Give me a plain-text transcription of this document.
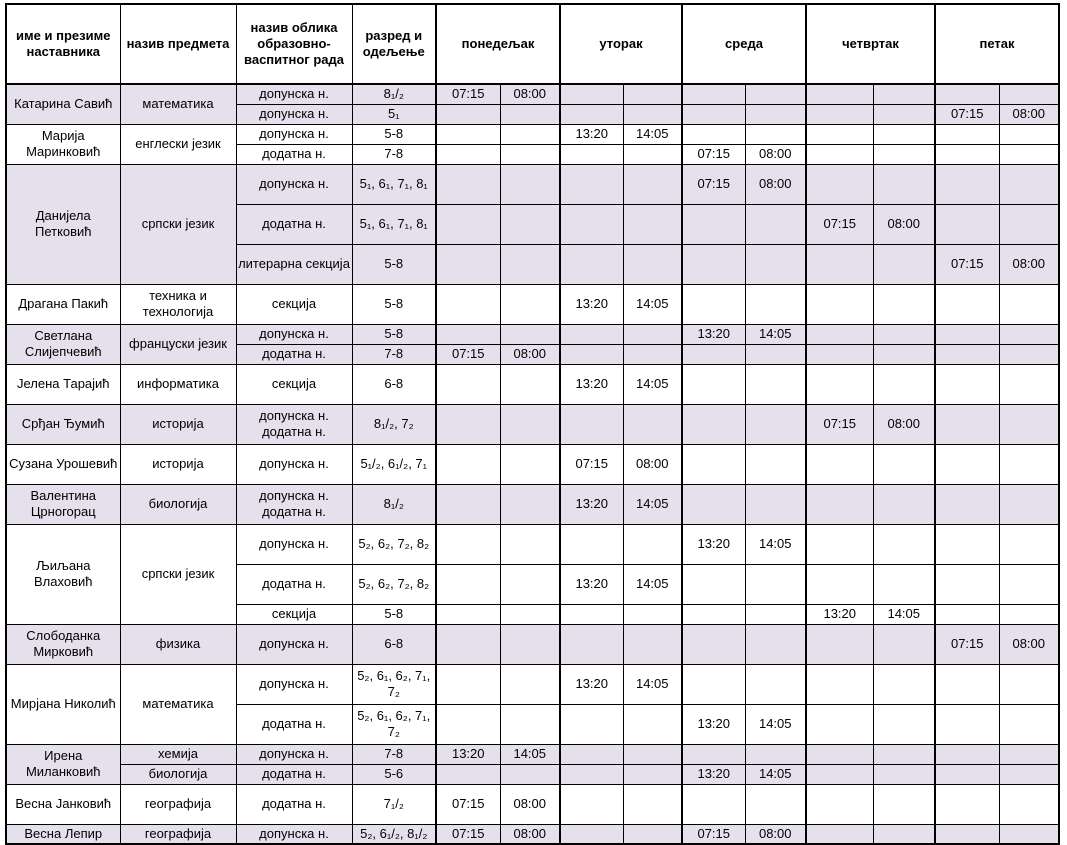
име и презиме наставника	назив предмета	назив облика образовно-васпитног рада	разред и одељење	понедељак		уторак		среда		четвртак		петак	
Катарина Савић	математика	допунска н.	8₁/₂	07:15	08:00								
		допунска н.	5₁									07:15	08:00
Марија Маринковић	енглески језик	допунска н.	5-8			13:20	14:05						
		додатна н.	7-8					07:15	08:00				
Данијела Петковић	српски језик	допунска н.	5₁, 6₁, 7₁, 8₁					07:15	08:00				
		додатна н.	5₁, 6₁, 7₁, 8₁							07:15	08:00		
		литерарна секција	5-8									07:15	08:00
Драгана Пакић	техника и технологија	секција	5-8			13:20	14:05						
Светлана Слијепчевић	француски језик	допунска н.	5-8					13:20	14:05				
		додатна н.	7-8	07:15	08:00								
Јелена Тарајић	информатика	секција	6-8			13:20	14:05						
Срђан Ђумић	историја	допунска н. додатна н.	8₁/₂, 7₂							07:15	08:00		
Сузана Урошевић	историја	допунска н.	5₁/₂, 6₁/₂, 7₁			07:15	08:00						
Валентина Црногорац	биологија	допунска н. додатна н.	8₁/₂			13:20	14:05						
Љиљана Влаховић	српски језик	допунска н.	5₂, 6₂, 7₂, 8₂					13:20	14:05				
		додатна н.	5₂, 6₂, 7₂, 8₂			13:20	14:05						
		секција	5-8							13:20	14:05		
Слободанка Мирковић	физика	допунска н.	6-8									07:15	08:00
Мирјана Николић	математика	допунска н.	5₂, 6₁, 6₂, 7₁, 7₂			13:20	14:05						
		додатна н.	5₂, 6₁, 6₂, 7₁, 7₂					13:20	14:05				
Ирена Миланковић	хемија	допунска н.	7-8	13:20	14:05								
	биологија	додатна н.	5-6					13:20	14:05				
Весна Јанковић	географија	додатна н.	7₁/₂	07:15	08:00								
Весна Лепир	географија	допунска н.	5₂, 6₁/₂, 8₁/₂	07:15	08:00			07:15	08:00				
